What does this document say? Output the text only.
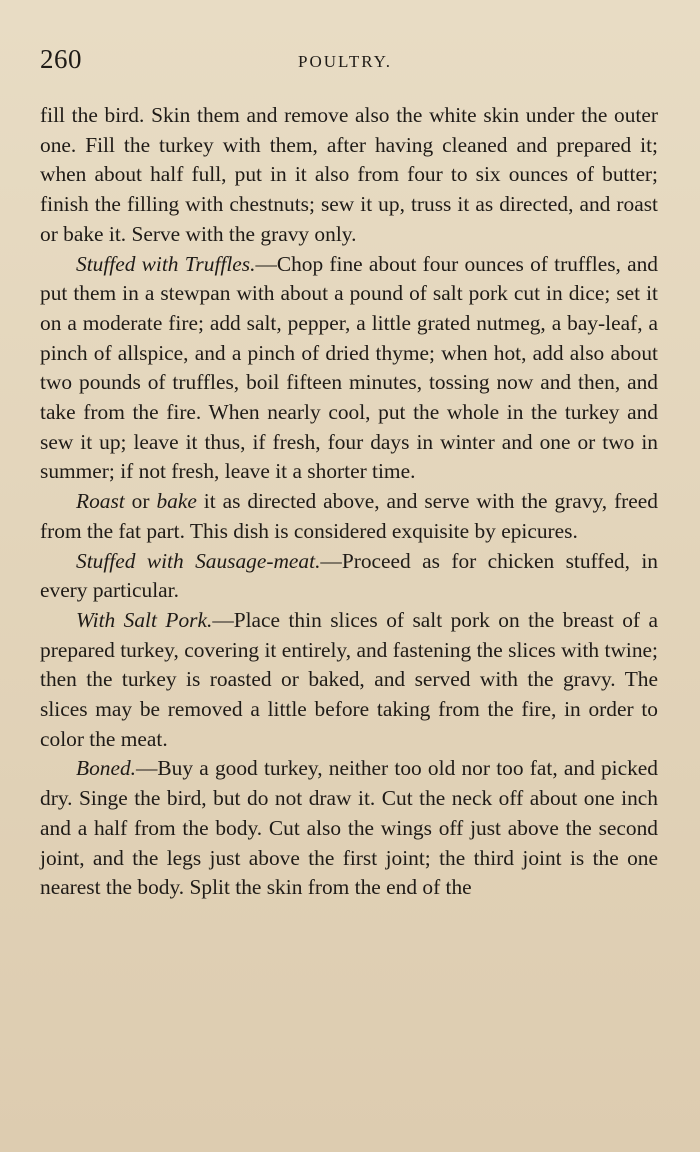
260	POULTRY.

fill the bird. Skin them and remove also the white skin under the outer one. Fill the turkey with them, after having cleaned and prepared it; when about half full, put in it also from four to six ounces of butter; finish the filling with chestnuts; sew it up, truss it as directed, and roast or bake it. Serve with the gravy only.

Stuffed with Truffles.—Chop fine about four ounces of truffles, and put them in a stewpan with about a pound of salt pork cut in dice; set it on a moderate fire; add salt, pepper, a little grated nutmeg, a bay-leaf, a pinch of allspice, and a pinch of dried thyme; when hot, add also about two pounds of truffles, boil fifteen minutes, tossing now and then, and take from the fire. When nearly cool, put the whole in the turkey and sew it up; leave it thus, if fresh, four days in winter and one or two in summer; if not fresh, leave it a shorter time.

Roast or bake it as directed above, and serve with the gravy, freed from the fat part. This dish is considered exquisite by epicures.

Stuffed with Sausage-meat.—Proceed as for chicken stuffed, in every particular.

With Salt Pork.—Place thin slices of salt pork on the breast of a prepared turkey, covering it entirely, and fastening the slices with twine; then the turkey is roasted or baked, and served with the gravy. The slices may be removed a little before taking from the fire, in order to color the meat.

Boned.—Buy a good turkey, neither too old nor too fat, and picked dry. Singe the bird, but do not draw it. Cut the neck off about one inch and a half from the body. Cut also the wings off just above the second joint, and the legs just above the first joint; the third joint is the one nearest the body. Split the skin from the end of the
